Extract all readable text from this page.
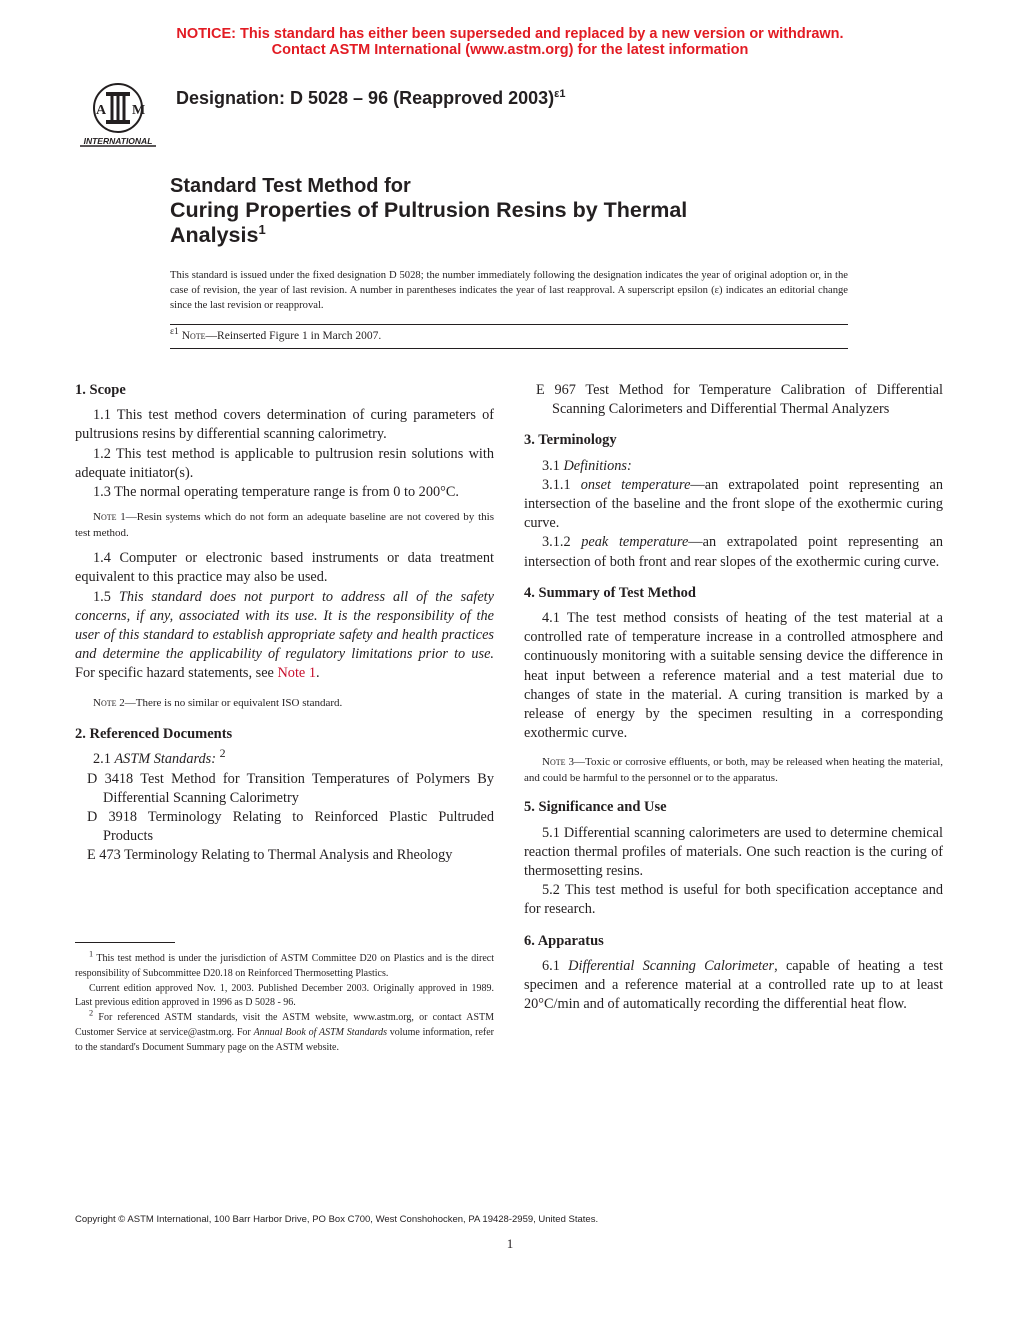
NOTICE: This standard has either been superseded and replaced by a new version or withdrawn.
Contact ASTM International (www.astm.org) for the latest information
A M
INTERNATIONAL
Designation: D 5028 – 96 (Reapproved 2003)$^{\varepsilon 1}$
Standard Test Method for
Curing Properties of Pultrusion Resins by Thermal
Analysis$^1$
This standard is issued under the fixed designation D 5028; the number immediately following the designation indicates the year of original adoption or, in the case of revision, the year of last revision. A number in parentheses indicates the year of last reapproval. A superscript epsilon (ε) indicates an editorial change since the last revision or reapproval.
$^{\varepsilon 1}$ Note—Reinserted Figure 1 in March 2007.
1. Scope

1.1 This test method covers determination of curing parameters of pultrusions resins by differential scanning calorimetry.

1.2 This test method is applicable to pultrusion resin solutions with adequate initiator(s).

1.3 The normal operating temperature range is from 0 to 200°C.

Note 1—Resin systems which do not form an adequate baseline are not covered by this test method.

1.4 Computer or electronic based instruments or data treatment equivalent to this practice may also be used.

1.5 This standard does not purport to address all of the safety concerns, if any, associated with its use. It is the responsibility of the user of this standard to establish appropriate safety and health practices and determine the applicability of regulatory limitations prior to use. For specific hazard statements, see Note 1.

Note 2—There is no similar or equivalent ISO standard.

2. Referenced Documents

2.1 ASTM Standards: $^2$

D 3418 Test Method for Transition Temperatures of Polymers By Differential Scanning Calorimetry

D 3918 Terminology Relating to Reinforced Plastic Pultruded Products

E 473 Terminology Relating to Thermal Analysis and Rheology

$^1$ This test method is under the jurisdiction of ASTM Committee D20 on Plastics and is the direct responsibility of Subcommittee D20.18 on Reinforced Thermosetting Plastics.

Current edition approved Nov. 1, 2003. Published December 2003. Originally approved in 1989. Last previous edition approved in 1996 as D 5028 - 96.

$^2$ For referenced ASTM standards, visit the ASTM website, www.astm.org, or contact ASTM Customer Service at service@astm.org. For Annual Book of ASTM Standards volume information, refer to the standard's Document Summary page on the ASTM website.

E 967 Test Method for Temperature Calibration of Differential Scanning Calorimeters and Differential Thermal Analyzers

3. Terminology

3.1 Definitions:

3.1.1 onset temperature—an extrapolated point representing an intersection of the baseline and the front slope of the exothermic curing curve.

3.1.2 peak temperature—an extrapolated point representing an intersection of both front and rear slopes of the exothermic curing curve.

4. Summary of Test Method

4.1 The test method consists of heating of the test material at a controlled rate of temperature increase in a controlled atmosphere and continuously monitoring with a suitable sensing device the difference in heat input between a reference material and a test material due to changes of state in the material. A curing transition is marked by a release of energy by the specimen resulting in a corresponding exothermic curve.

Note 3—Toxic or corrosive effluents, or both, may be released when heating the material, and could be harmful to the personnel or to the apparatus.

5. Significance and Use

5.1 Differential scanning calorimeters are used to determine chemical reaction thermal profiles of materials. One such reaction is the curing of thermosetting resins.

5.2 This test method is useful for both specification acceptance and for research.

6. Apparatus

6.1 Differential Scanning Calorimeter, capable of heating a test specimen and a reference material at a controlled rate up to at least 20°C/min and of automatically recording the differential heat flow.

Copyright © ASTM International, 100 Barr Harbor Drive, PO Box C700, West Conshohocken, PA 19428-2959, United States.
1
